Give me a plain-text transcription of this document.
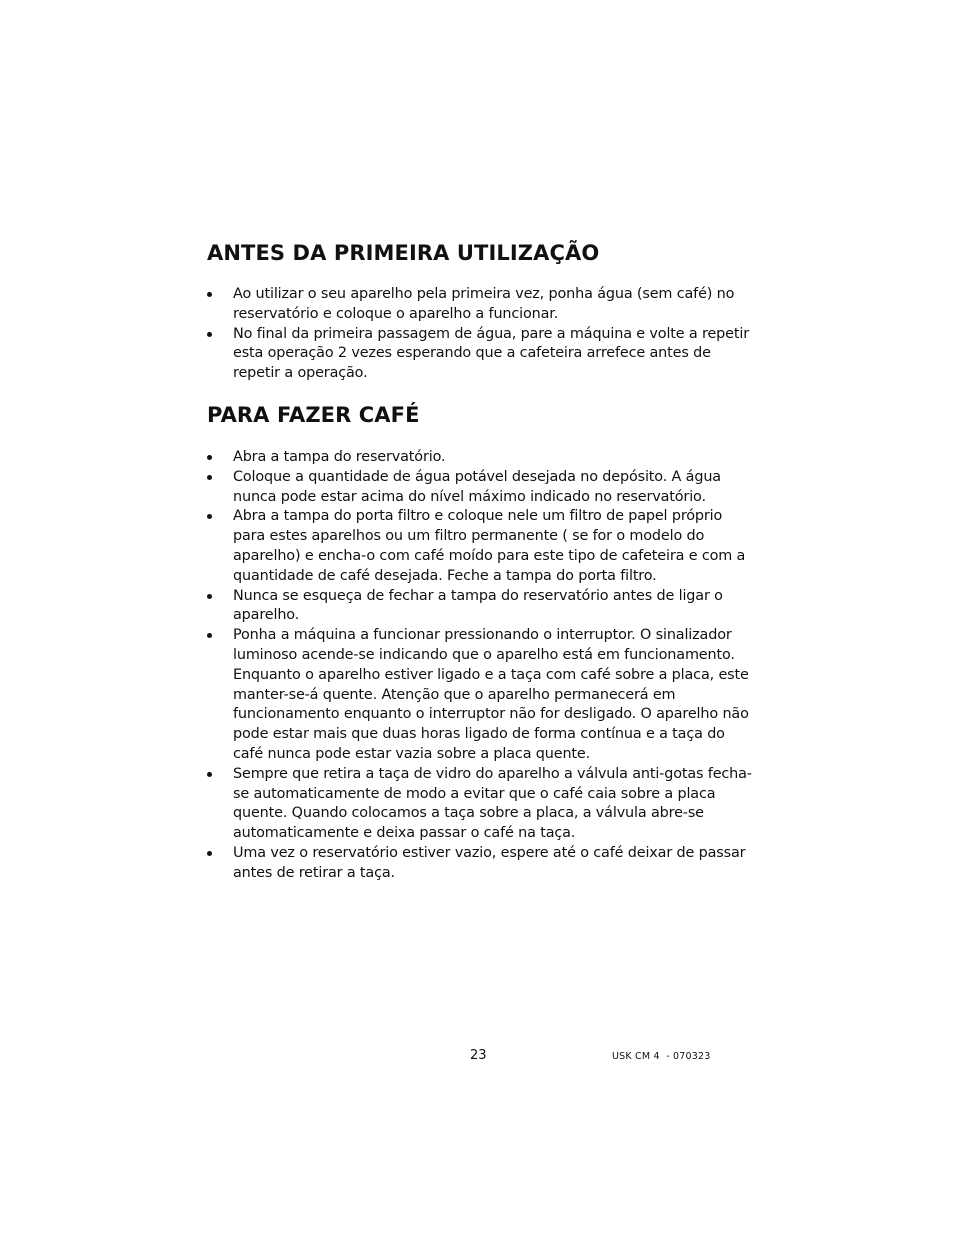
ANTES DA PRIMEIRA UTILIZAÇÃO
Ao utilizar o seu aparelho pela primeira vez, ponha água (sem café) no reservatório e coloque o aparelho a funcionar.
No final da primeira passagem de água, pare a máquina e volte a repetir esta operação 2 vezes esperando que a cafeteira arrefece antes de repetir a operação.
PARA FAZER CAFÉ
Abra a tampa do reservatório.
Coloque a quantidade de água potável desejada no depósito. A água nunca pode estar acima do nível máximo indicado no reservatório.
Abra a tampa do porta filtro e coloque nele um filtro de papel próprio para estes aparelhos ou um filtro permanente ( se for o modelo do aparelho) e encha-o com café moído para este tipo de cafeteira e com a quantidade de café desejada. Feche a tampa do porta filtro.
Nunca se esqueça de fechar a tampa do reservatório antes de ligar o aparelho.
Ponha a máquina a funcionar pressionando o interruptor. O sinalizador luminoso acende-se indicando que o aparelho está em funcionamento. Enquanto o aparelho estiver ligado e a taça com café sobre a placa, este manter-se-á quente. Atenção que o aparelho permanecerá em funcionamento enquanto o interruptor não for desligado. O aparelho não pode estar mais que duas horas ligado de forma contínua e a taça do café nunca pode estar vazia sobre a placa quente.
Sempre que retira a taça de vidro do aparelho a válvula anti-gotas fecha-se automaticamente de modo a evitar que o café caia sobre a placa quente. Quando colocamos a taça sobre a placa, a válvula abre-se automaticamente e deixa passar o café na taça.
Uma vez o reservatório estiver vazio, espere até o café deixar de passar antes de retirar a taça.
23	USK CM 4  - 070323
